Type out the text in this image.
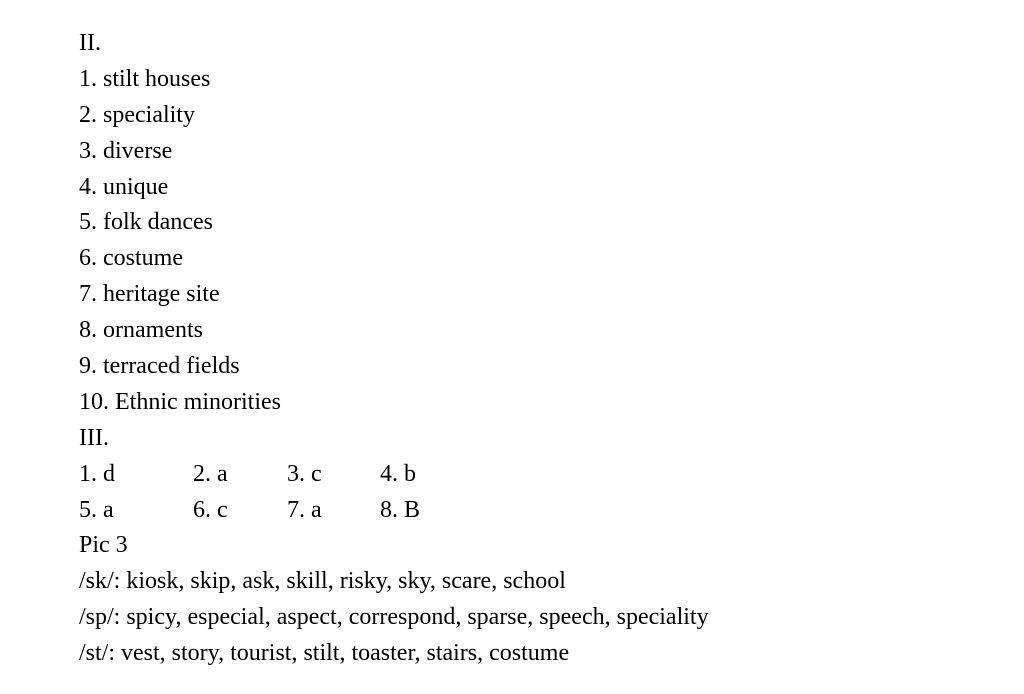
II.
1. stilt houses
2. speciality
3. diverse
4. unique
5. folk dances
6. costume
7. heritage site
8. ornaments
9. terraced fields
10. Ethnic minorities
III.
1. d	2. a 3. c 4. b
5. a	6. c 7. a 8. B
Pic 3
/sk/: kiosk, skip, ask, skill, risky, sky, scare, school
/sp/: spicy, especial, aspect, correspond, sparse, speech, speciality
/st/: vest, story, tourist, stilt, toaster, stairs, costume
